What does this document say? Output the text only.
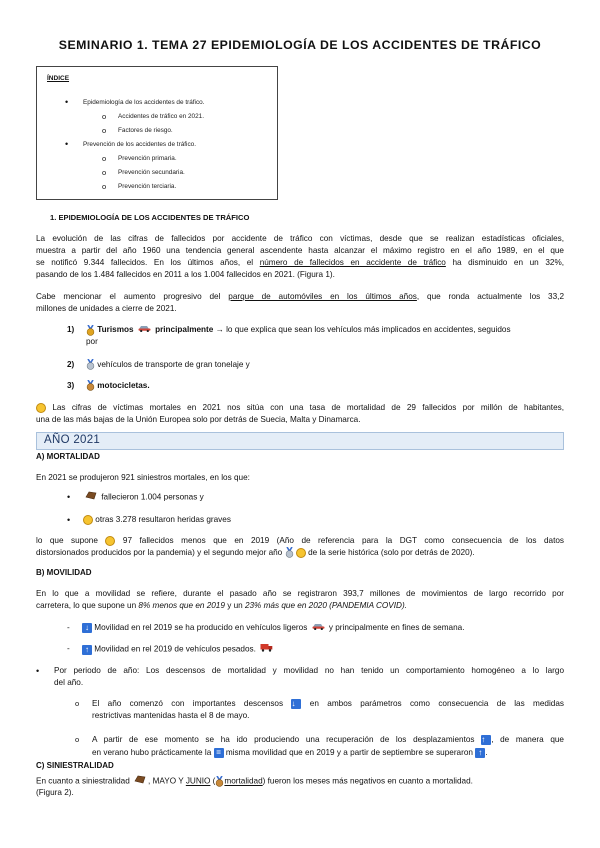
SEMINARIO 1. TEMA 27 EPIDEMIOLOGÍA DE LOS ACCIDENTES DE TRÁFICO
ÍNDICE
• Epidemiología de los accidentes de tráfico.
o Accidentes de tráfico en 2021.
o Factores de riesgo.
• Prevención de los accidentes de tráfico.
o Prevención primaria.
o Prevención secundaria.
o Prevención terciaria.
1. EPIDEMIOLOGÍA DE LOS ACCIDENTES DE TRÁFICO
La evolución de las cifras de fallecidos por accidente de tráfico con víctimas, desde que se realizan estadísticas oficiales,
muestra a partir del año 1960 una tendencia general ascendente hasta alcanzar el máximo registro en el año 1989, en el que
se notificó 9.344 fallecidos. En los últimos años, el número de fallecidos en accidente de tráfico ha disminuido en un 32%,
pasando de los 1.484 fallecidos en 2011 a los 1.004 fallecidos en 2021. (Figura 1).
Cabe mencionar el aumento progresivo del parque de automóviles en los últimos años, que ronda actualmente los 33,2
millones de unidades a cierre de 2021.
1)	Turismos	principalmente → lo que explica que sean los vehículos más implicados en accidentes, seguidos
por
2)	vehículos de transporte de gran tonelaje y
3)	motocicletas.
Las cifras de víctimas mortales en 2021 nos sitúa con una tasa de mortalidad de 29 fallecidos por millón de habitantes,
una de las más bajas de la Unión Europea solo por detrás de Suecia, Malta y Dinamarca.
AÑO 2021
A) MORTALIDAD
En 2021 se produjeron 921 siniestros mortales, en los que:
•	fallecieron 1.004 personas y
•	otras 3.278 resultaron heridas graves
lo que supone	97 fallecidos menos que en 2019 (Año de referencia para la DGT como consecuencia de los datos
distorsionados producidos por la pandemia) y el segundo mejor año	de la serie histórica (solo por detrás de 2020).
B) MOVILIDAD
En lo que a movilidad se refiere, durante el pasado año se registraron 393,7 millones de movimientos de largo recorrido por
carretera, lo que supone un 8% menos que en 2019 y un 23% más que en 2020 (PANDEMIA COVID).
-	↓ Movilidad en rel 2019 se ha producido en vehículos ligeros	y principalmente en fines de semana.
-	↑ Movilidad en rel 2019 de vehículos pesados.
• Por periodo de año: Los descensos de mortalidad y movilidad no han tenido un comportamiento homogéneo a lo largo
del año.
o El año comenzó con importantes descensos ↓ en ambos parámetros como consecuencia de las medidas
restrictivas mantenidas hasta el 8 de mayo.
o A partir de ese momento se ha ido produciendo una recuperación de los desplazamientos ↑ , de manera que
en verano hubo prácticamente la = misma movilidad que en 2019 y a partir de septiembre se superaron ↑ .
C) SINIESTRALIDAD
En cuanto a siniestralidad , MAYO Y JUNIO ( mortalidad) fueron los meses más negativos en cuanto a mortalidad.
(Figura 2).
